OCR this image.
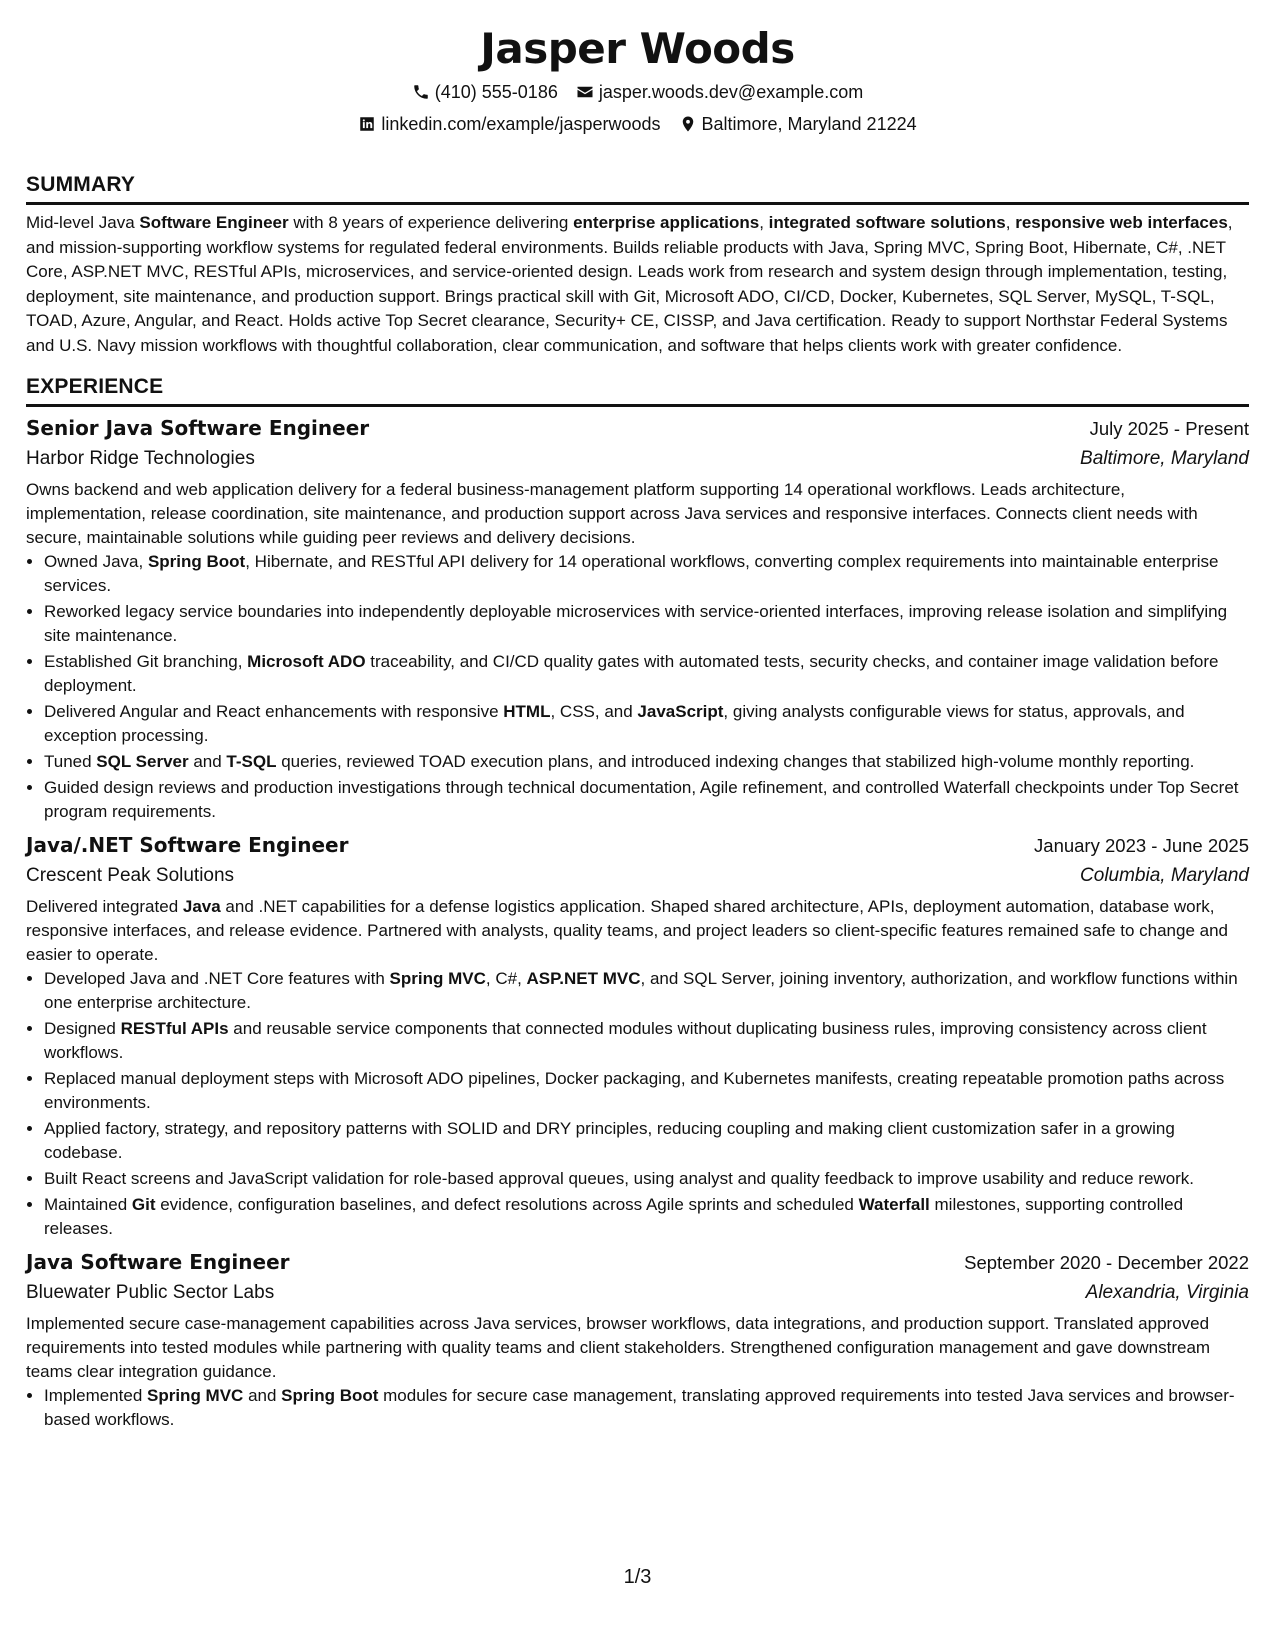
Jasper Woods
(410) 555-0186 jasper.woods.dev@example.com
linkedin.com/example/jasperwoods Baltimore, Maryland 21224
SUMMARY
Mid-level Java Software Engineer with 8 years of experience delivering enterprise applications, integrated software solutions, responsive web interfaces, and mission-supporting workflow systems for regulated federal environments. Builds reliable products with Java, Spring MVC, Spring Boot, Hibernate, C#, .NET Core, ASP.NET MVC, RESTful APIs, microservices, and service-oriented design. Leads work from research and system design through implementation, testing, deployment, site maintenance, and production support. Brings practical skill with Git, Microsoft ADO, CI/CD, Docker, Kubernetes, SQL Server, MySQL, T-SQL, TOAD, Azure, Angular, and React. Holds active Top Secret clearance, Security+ CE, CISSP, and Java certification. Ready to support Northstar Federal Systems and U.S. Navy mission workflows with thoughtful collaboration, clear communication, and software that helps clients work with greater confidence.
EXPERIENCE
Senior Java Software Engineer	July 2025 - Present
Harbor Ridge Technologies	Baltimore, Maryland
Owns backend and web application delivery for a federal business-management platform supporting 14 operational workflows. Leads architecture, implementation, release coordination, site maintenance, and production support across Java services and responsive interfaces. Connects client needs with secure, maintainable solutions while guiding peer reviews and delivery decisions.
• Owned Java, Spring Boot, Hibernate, and RESTful API delivery for 14 operational workflows, converting complex requirements into maintainable enterprise services.
• Reworked legacy service boundaries into independently deployable microservices with service-oriented interfaces, improving release isolation and simplifying site maintenance.
• Established Git branching, Microsoft ADO traceability, and CI/CD quality gates with automated tests, security checks, and container image validation before deployment.
• Delivered Angular and React enhancements with responsive HTML, CSS, and JavaScript, giving analysts configurable views for status, approvals, and exception processing.
• Tuned SQL Server and T-SQL queries, reviewed TOAD execution plans, and introduced indexing changes that stabilized high-volume monthly reporting.
• Guided design reviews and production investigations through technical documentation, Agile refinement, and controlled Waterfall checkpoints under Top Secret program requirements.
Java/.NET Software Engineer	January 2023 - June 2025
Crescent Peak Solutions	Columbia, Maryland
Delivered integrated Java and .NET capabilities for a defense logistics application. Shaped shared architecture, APIs, deployment automation, database work, responsive interfaces, and release evidence. Partnered with analysts, quality teams, and project leaders so client-specific features remained safe to change and easier to operate.
• Developed Java and .NET Core features with Spring MVC, C#, ASP.NET MVC, and SQL Server, joining inventory, authorization, and workflow functions within one enterprise architecture.
• Designed RESTful APIs and reusable service components that connected modules without duplicating business rules, improving consistency across client workflows.
• Replaced manual deployment steps with Microsoft ADO pipelines, Docker packaging, and Kubernetes manifests, creating repeatable promotion paths across environments.
• Applied factory, strategy, and repository patterns with SOLID and DRY principles, reducing coupling and making client customization safer in a growing codebase.
• Built React screens and JavaScript validation for role-based approval queues, using analyst and quality feedback to improve usability and reduce rework.
• Maintained Git evidence, configuration baselines, and defect resolutions across Agile sprints and scheduled Waterfall milestones, supporting controlled releases.
Java Software Engineer	September 2020 - December 2022
Bluewater Public Sector Labs	Alexandria, Virginia
Implemented secure case-management capabilities across Java services, browser workflows, data integrations, and production support. Translated approved requirements into tested modules while partnering with quality teams and client stakeholders. Strengthened configuration management and gave downstream teams clear integration guidance.
• Implemented Spring MVC and Spring Boot modules for secure case management, translating approved requirements into tested Java services and browser-based workflows.
1/3
